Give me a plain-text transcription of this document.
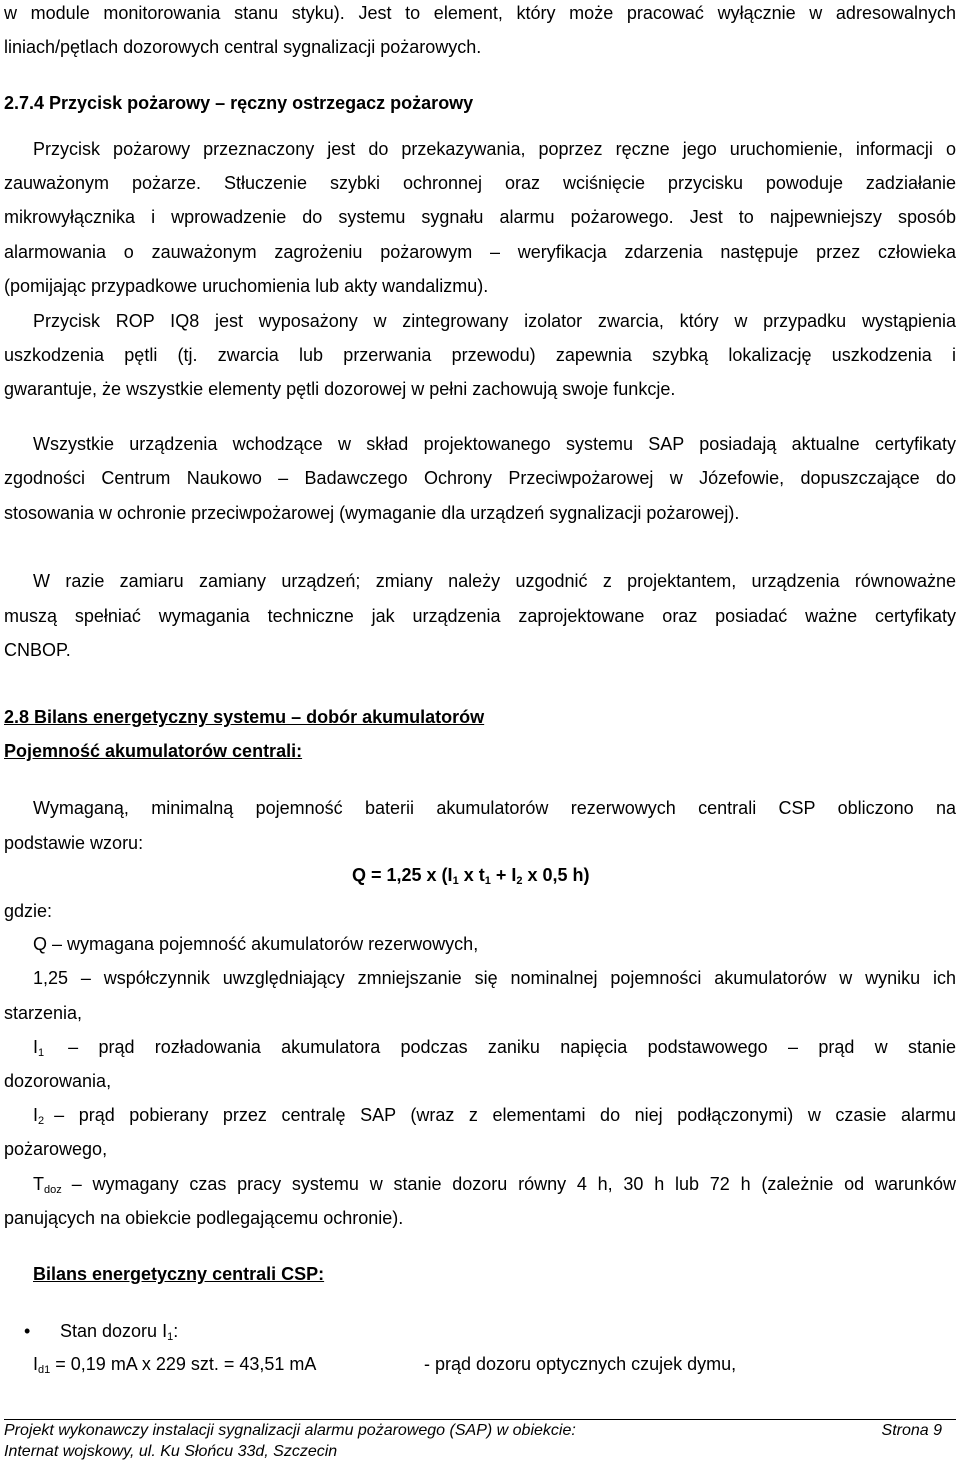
w module monitorowania stanu styku). Jest to element, który może pracować wyłącznie w adresowalnych
liniach/pętlach dozorowych central sygnalizacji pożarowych.
2.7.4 Przycisk pożarowy – ręczny ostrzegacz pożarowy
Przycisk pożarowy przeznaczony jest do przekazywania, poprzez ręczne jego uruchomienie, informacji o
zauważonym pożarze. Stłuczenie szybki ochronnej oraz wciśnięcie przycisku powoduje zadziałanie
mikrowyłącznika i wprowadzenie do systemu sygnału alarmu pożarowego. Jest to najpewniejszy sposób
alarmowania o zauważonym zagrożeniu pożarowym – weryfikacja zdarzenia następuje przez człowieka
(pomijając przypadkowe uruchomienia lub akty wandalizmu).
Przycisk ROP IQ8 jest wyposażony w zintegrowany izolator zwarcia, który w przypadku wystąpienia
uszkodzenia pętli (tj. zwarcia lub przerwania przewodu) zapewnia szybką lokalizację uszkodzenia i
gwarantuje, że wszystkie elementy pętli dozorowej w pełni zachowują swoje funkcje.
Wszystkie urządzenia wchodzące w skład projektowanego systemu SAP posiadają aktualne certyfikaty
zgodności Centrum Naukowo – Badawczego Ochrony Przeciwpożarowej w Józefowie, dopuszczające do
stosowania w ochronie przeciwpożarowej (wymaganie dla urządzeń sygnalizacji pożarowej).
W razie zamiaru zamiany urządzeń; zmiany należy uzgodnić z projektantem, urządzenia równoważne
muszą spełniać wymagania techniczne jak urządzenia zaprojektowane oraz posiadać ważne certyfikaty
CNBOP.
2.8 Bilans energetyczny systemu – dobór akumulatorów
Pojemność akumulatorów centrali:
Wymaganą, minimalną pojemność baterii akumulatorów rezerwowych centrali CSP obliczono na
podstawie wzoru:
Q = 1,25 x ($I_1$ x $t_1 + I_2$ x 0,5 h)
gdzie:
Q – wymagana pojemność akumulatorów rezerwowych,
1,25 – współczynnik uwzględniający zmniejszanie się nominalnej pojemności akumulatorów w wyniku ich
starzenia,
$I_1$ – prąd rozładowania akumulatora podczas zaniku napięcia podstawowego – prąd w stanie
dozorowania,
$I_2$ – prąd pobierany przez centralę SAP (wraz z elementami do niej podłączonymi) w czasie alarmu
pożarowego,
$T_{doz}$ – wymagany czas pracy systemu w stanie dozoru równy 4 h, 30 h lub 72 h (zależnie od warunków
panujących na obiekcie podlegającemu ochronie).
Bilans energetyczny centrali CSP:
• Stan dozoru $I_1$:
$I_{d1} = 0,19$ mA x 229 szt. = 43,51 mA	- prąd dozoru optycznych czujek dymu,
Projekt wykonawczy instalacji sygnalizacji alarmu pożarowego (SAP) w obiekcie:
Internat wojskowy, ul. Ku Słońcu 33d, Szczecin
Strona 9
